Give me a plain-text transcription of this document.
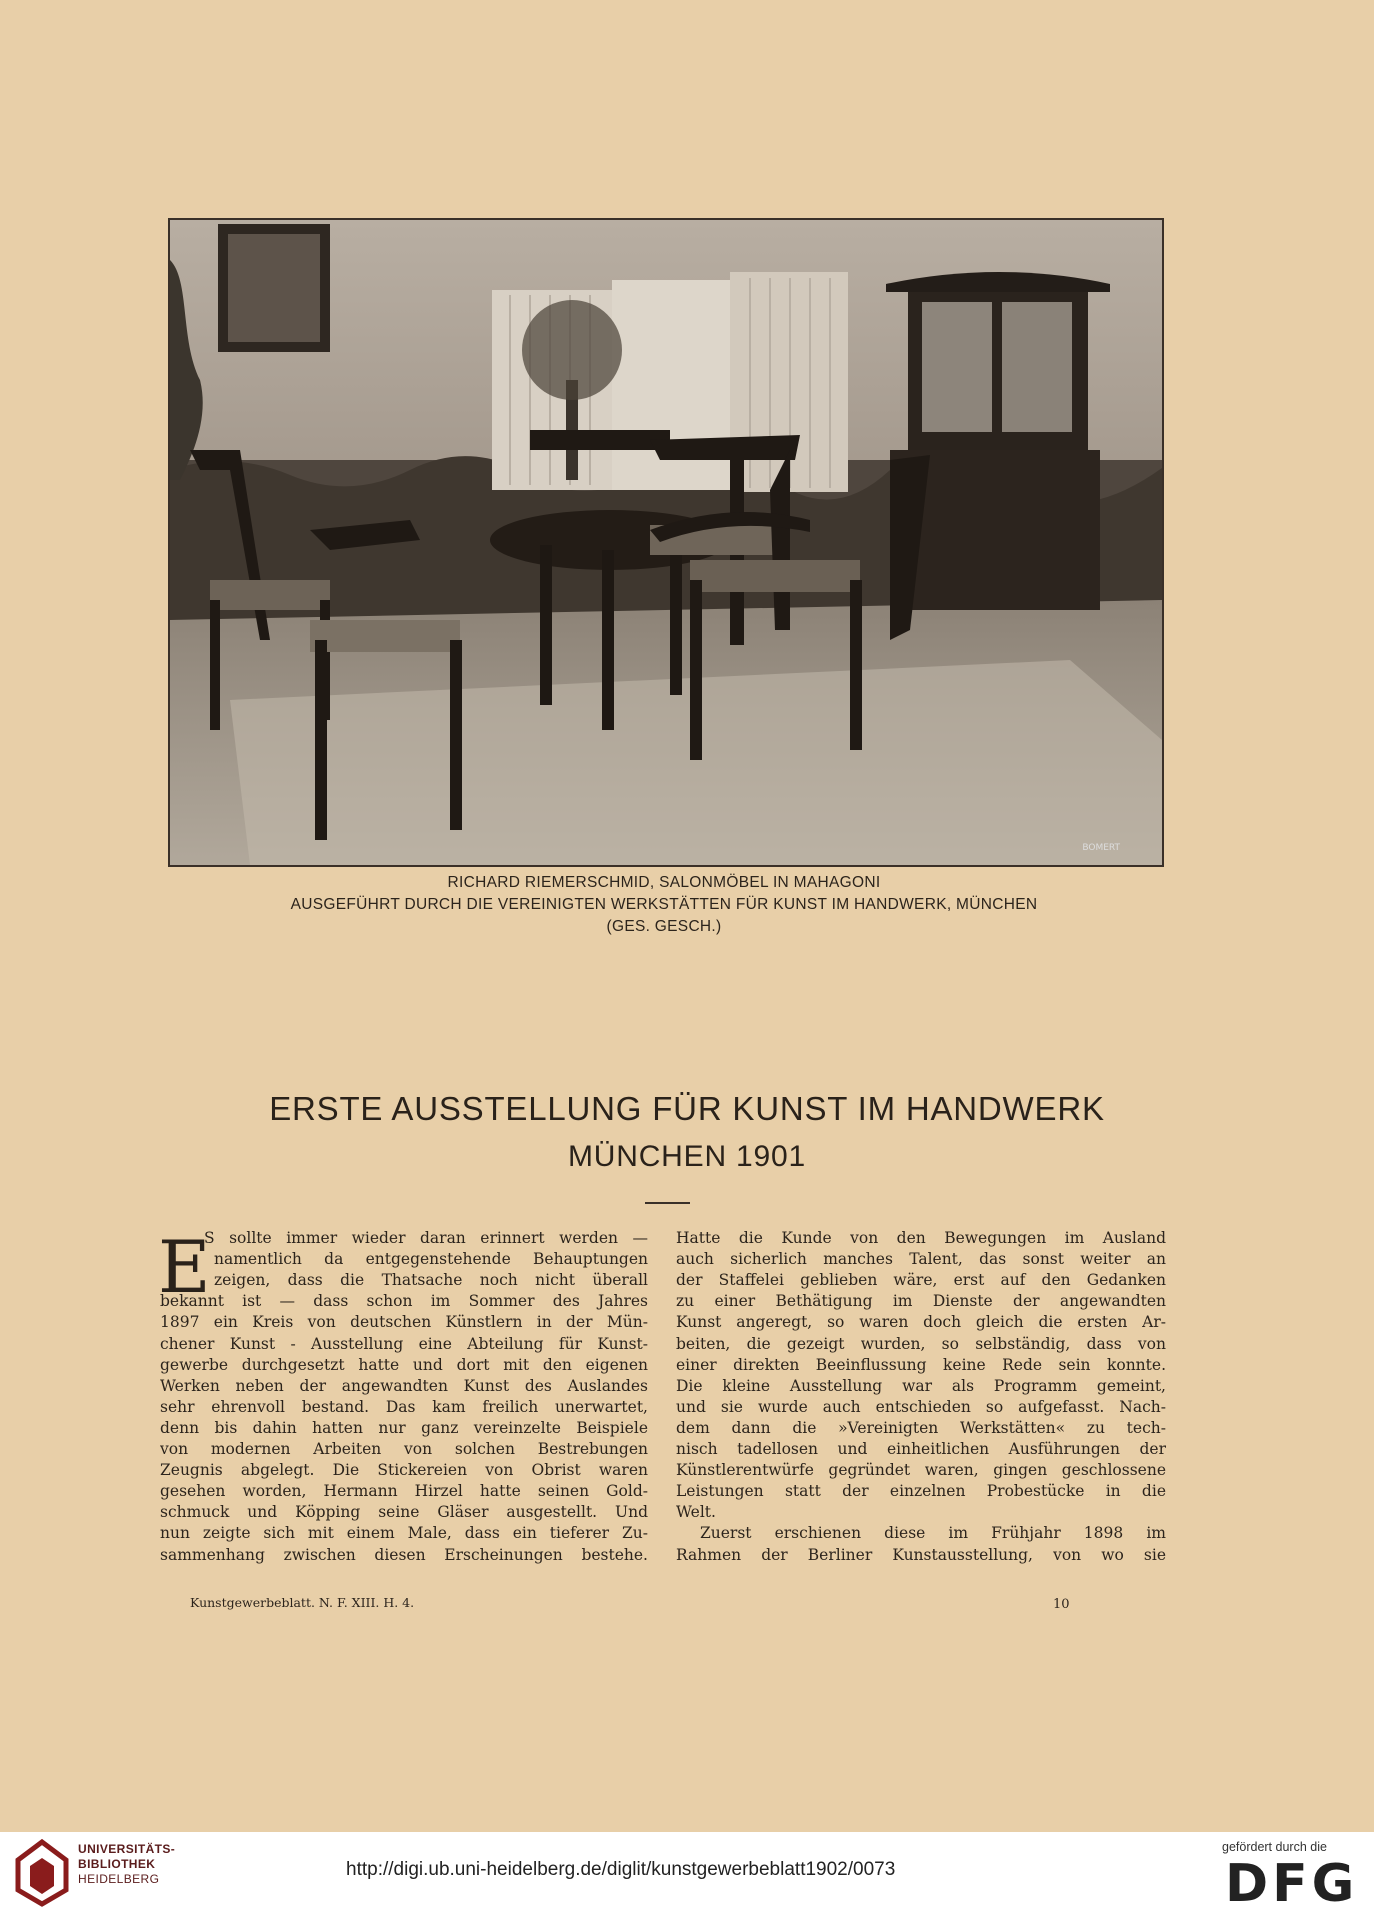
BOMERT
RICHARD RIEMERSCHMID, SALONMÖBEL IN MAHAGONI
AUSGEFÜHRT DURCH DIE VEREINIGTEN WERKSTÄTTEN FÜR KUNST IM HANDWERK, MÜNCHEN
(GES. GESCH.)
ERSTE AUSSTELLUNG FÜR KUNST IM HANDWERK
MÜNCHEN 1901
E
S sollte immer wieder daran erinnert werden —
namentlich da entgegenstehende Behauptungen
zeigen, dass die Thatsache noch nicht überall
bekannt ist — dass schon im Sommer des Jahres
1897 ein Kreis von deutschen Künstlern in der Mün-
chener Kunst - Ausstellung eine Abteilung für Kunst-
gewerbe durchgesetzt hatte und dort mit den eigenen
Werken neben der angewandten Kunst des Auslandes
sehr ehrenvoll bestand. Das kam freilich unerwartet,
denn bis dahin hatten nur ganz vereinzelte Beispiele
von modernen Arbeiten von solchen Bestrebungen
Zeugnis abgelegt. Die Stickereien von Obrist waren
gesehen worden, Hermann Hirzel hatte seinen Gold-
schmuck und Köpping seine Gläser ausgestellt. Und
nun zeigte sich mit einem Male, dass ein tieferer Zu-
sammenhang zwischen diesen Erscheinungen bestehe.
Hatte die Kunde von den Bewegungen im Ausland
auch sicherlich manches Talent, das sonst weiter an
der Staffelei geblieben wäre, erst auf den Gedanken
zu einer Bethätigung im Dienste der angewandten
Kunst angeregt, so waren doch gleich die ersten Ar-
beiten, die gezeigt wurden, so selbständig, dass von
einer direkten Beeinflussung keine Rede sein konnte.
Die kleine Ausstellung war als Programm gemeint,
und sie wurde auch entschieden so aufgefasst. Nach-
dem dann die »Vereinigten Werkstätten« zu tech-
nisch tadellosen und einheitlichen Ausführungen der
Künstlerentwürfe gegründet waren, gingen geschlossene
Leistungen statt der einzelnen Probestücke in die
Welt.
Zuerst erschienen diese im Frühjahr 1898 im
Rahmen der Berliner Kunstausstellung, von wo sie
Kunstgewerbeblatt. N. F. XIII. H. 4.	10
UNIVERSITÄTS-
BIBLIOTHEK
HEIDELBERG	http://digi.ub.uni-heidelberg.de/diglit/kunstgewerbeblatt1902/0073
gefördert durch die
DFG
